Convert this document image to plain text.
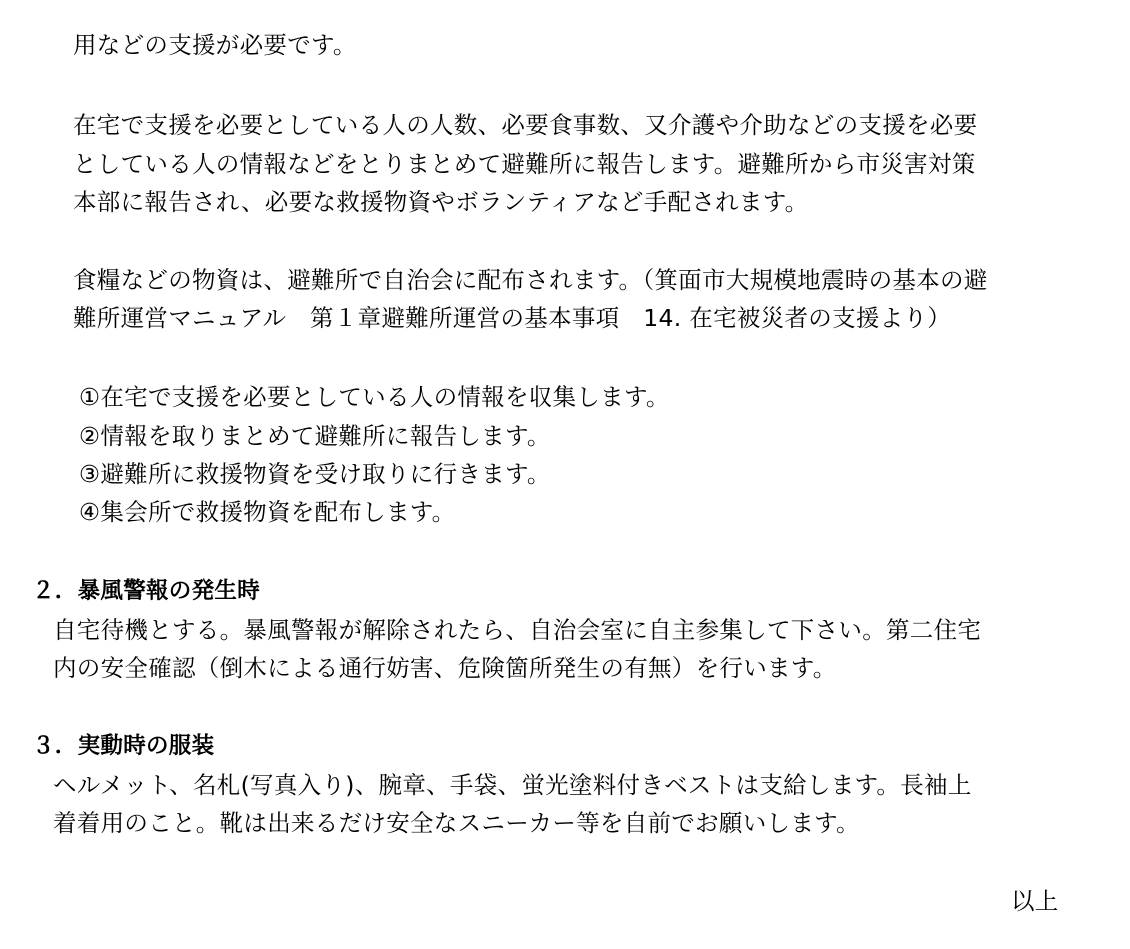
用などの支援が必要です。
在宅で支援を必要としている人の人数、必要食事数、又介護や介助などの支援を必要
としている人の情報などをとりまとめて避難所に報告します。避難所から市災害対策
本部に報告され、必要な救援物資やボランティアなど手配されます。
食糧などの物資は、避難所で自治会に配布されます。（箕面市大規模地震時の基本の避
難所運営マニュアル　第１章避難所運営の基本事項　14. 在宅被災者の支援より）
①在宅で支援を必要としている人の情報を収集します。
②情報を取りまとめて避難所に報告します。
③避難所に救援物資を受け取りに行きます。
④集会所で救援物資を配布します。
２．暴風警報の発生時
自宅待機とする。暴風警報が解除されたら、自治会室に自主参集して下さい。第二住宅
内の安全確認（倒木による通行妨害、危険箇所発生の有無）を行います。
３．実動時の服装
ヘルメット、名札(写真入り)、腕章、手袋、蛍光塗料付きベストは支給します。長袖上
着着用のこと。靴は出来るだけ安全なスニーカー等を自前でお願いします。
以上
